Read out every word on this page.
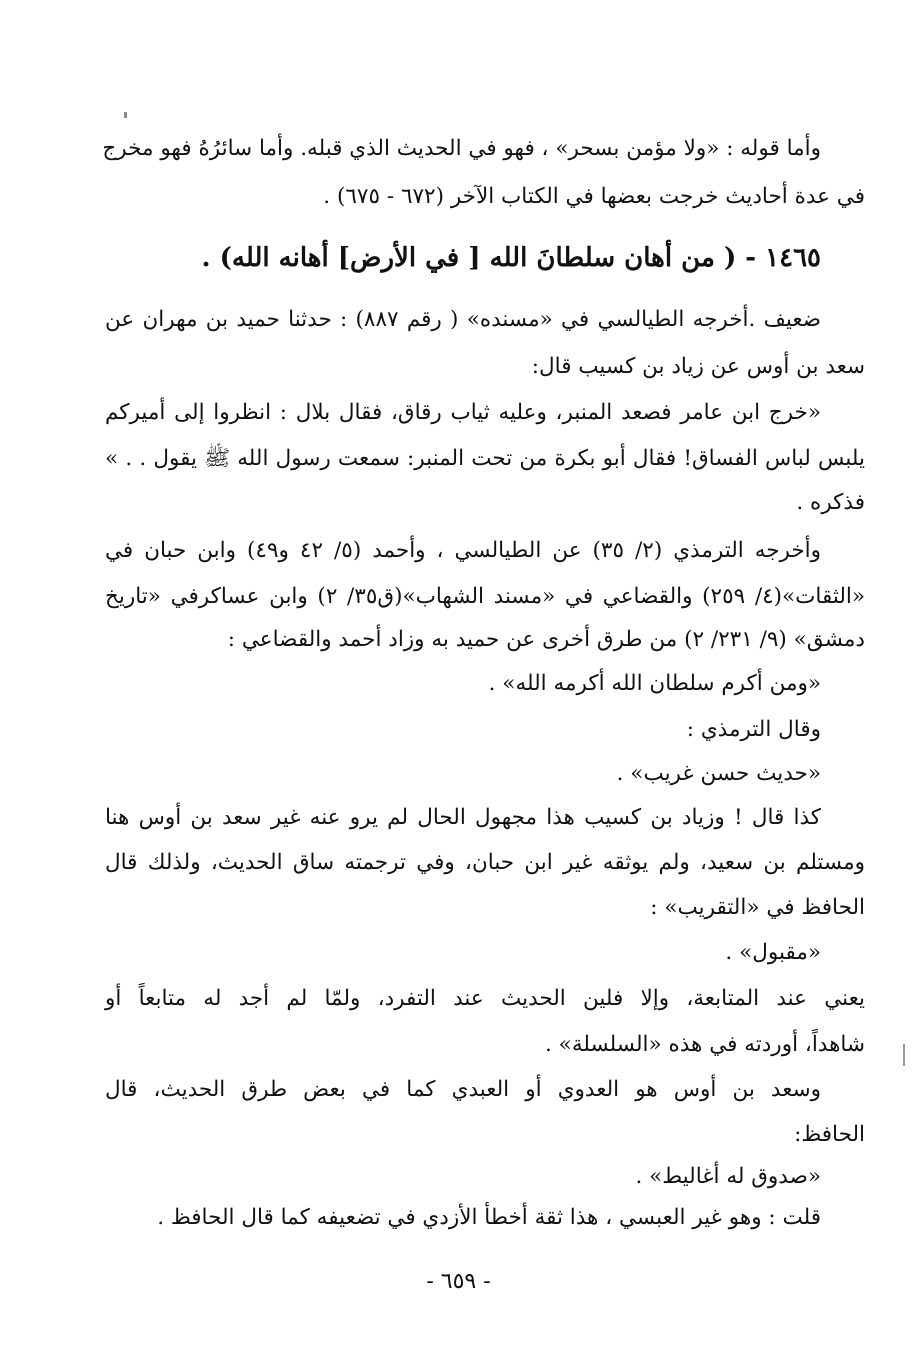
وأما قوله : «ولا مؤمن بسحر» ، فهو في الحديث الذي قبله. وأما سائرُهُ فهو مخرج
في عدة أحاديث خرجت بعضها في الكتاب الآخر (٦٧٢ - ٦٧٥) .
١٤٦٥ - ( من أهان سلطانَ الله [ في الأرض] أهانه الله) .
ضعيف .أخرجه الطيالسي في «مسنده» ( رقم ٨٨٧) : حدثنا حميد بن مهران عن
سعد بن أوس عن زياد بن كسيب قال:
«خرج ابن عامر فصعد المنبر، وعليه ثياب رقاق، فقال بلال : انظروا إلى أميركم
يلبس لباس الفساق! فقال أبو بكرة من تحت المنبر: سمعت رسول الله ﷺ يقول . . »
فذكره .
وأخرجه الترمذي (٢/ ٣٥) عن الطيالسي ، وأحمد (٥/ ٤٢ و٤٩) وابن حبان في
«الثقات»(٤/ ٢٥٩) والقضاعي في «مسند الشهاب»(ق٣٥/ ٢) وابن عساكرفي «تاريخ
دمشق» (٩/ ٢٣١/ ٢) من طرق أخرى عن حميد به وزاد أحمد والقضاعي :
«ومن أكرم سلطان الله أكرمه الله» .
وقال الترمذي :
«حديث حسن غريب» .
كذا قال ! وزياد بن كسيب هذا مجهول الحال لم يرو عنه غير سعد بن أوس هنا
ومستلم بن سعيد، ولم يوثقه غير ابن حبان، وفي ترجمته ساق الحديث، ولذلك قال
الحافظ في «التقريب» :
«مقبول» .
يعني عند المتابعة، وإلا فلين الحديث عند التفرد، ولمّا لم أجد له متابعاً أو
شاهداً، أوردته في هذه «السلسلة» .
وسعد بن أوس هو العدوي أو العبدي كما في بعض طرق الحديث، قال
الحافظ:
«صدوق له أغاليط» .
قلت : وهو غير العبسي ، هذا ثقة أخطأ الأزدي في تضعيفه كما قال الحافظ .
- ٦٥٩ -
